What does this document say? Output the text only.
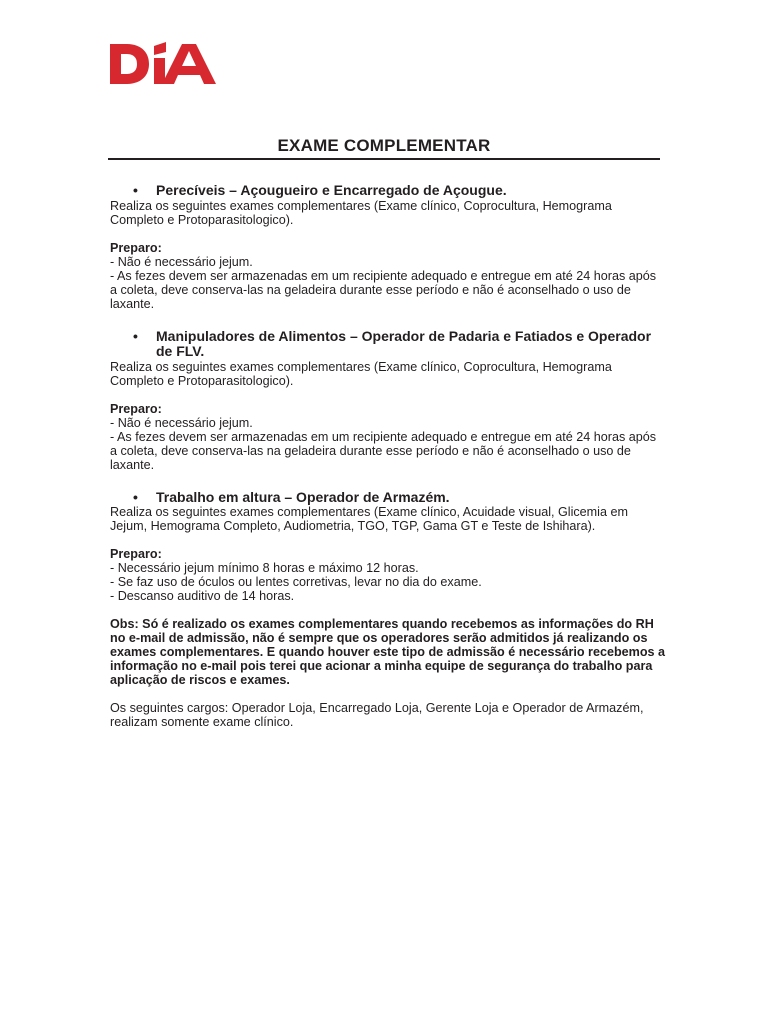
EXAME COMPLEMENTAR
• Perecíveis – Açougueiro e Encarregado de Açougue.

Realiza os seguintes exames complementares (Exame clínico, Coprocultura, Hemograma Completo e Protoparasitologico).

Preparo:

- Não é necessário jejum.
- As fezes devem ser armazenadas em um recipiente adequado e entregue em até 24 horas após a coleta, deve conserva-las na geladeira durante esse período e não é aconselhado o uso de laxante.
• Manipuladores de Alimentos – Operador de Padaria e Fatiados e Operador de FLV.

Realiza os seguintes exames complementares (Exame clínico, Coprocultura, Hemograma Completo e Protoparasitologico).

Preparo:

- Não é necessário jejum.
- As fezes devem ser armazenadas em um recipiente adequado e entregue em até 24 horas após a coleta, deve conserva-las na geladeira durante esse período e não é aconselhado o uso de laxante.
• Trabalho em altura – Operador de Armazém.

Realiza os seguintes exames complementares (Exame clínico, Acuidade visual, Glicemia em Jejum, Hemograma Completo, Audiometria, TGO, TGP, Gama GT e Teste de Ishihara).

Preparo:

- Necessário jejum mínimo 8 horas e máximo 12 horas.
- Se faz uso de óculos ou lentes corretivas, levar no dia do exame.
- Descanso auditivo de 14 horas.

Obs: Só é realizado os exames complementares quando recebemos as informações do RH no e-mail de admissão, não é sempre que os operadores serão admitidos já realizando os exames complementares. E quando houver este tipo de admissão é necessário recebemos a informação no e-mail pois terei que acionar a minha equipe de segurança do trabalho para aplicação de riscos e exames.

Os seguintes cargos: Operador Loja, Encarregado Loja, Gerente Loja e Operador de Armazém, realizam somente exame clínico.
